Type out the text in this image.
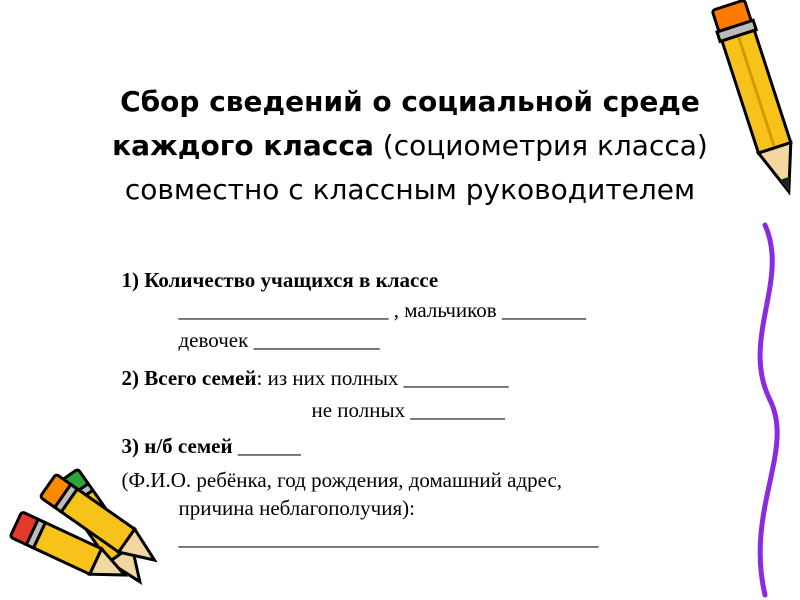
Сбор сведений о социальной среде
каждого класса (социометрия класса)
совместно с классным руководителем

1) Количество учащихся в классе

____________________ , мальчиков ________

девочек ____________

2) Всего семей: из них полных __________

не полных _________

3) н/б семей ______

(Ф.И.О. ребёнка, год рождения, домашний адрес,

причина неблагополучия):

________________________________________
